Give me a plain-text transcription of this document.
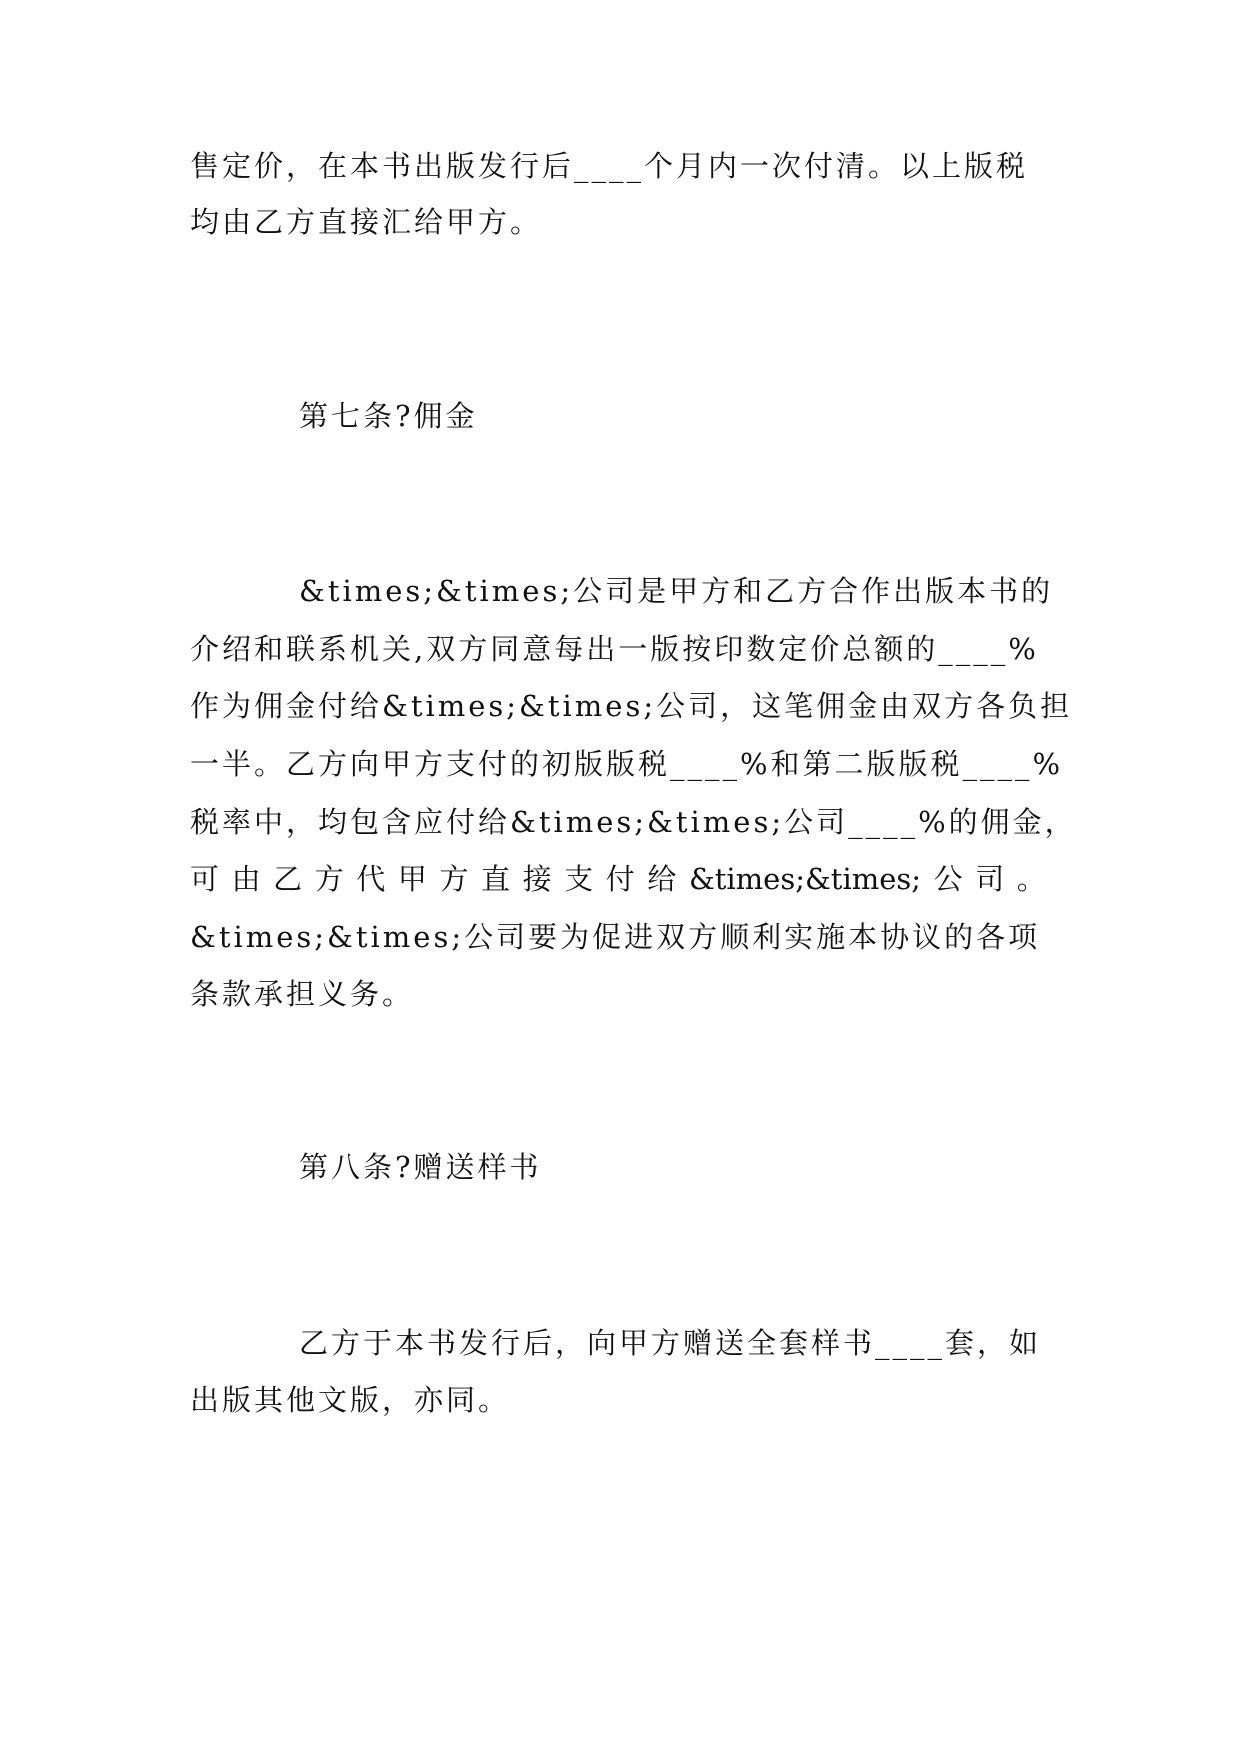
售定价，在本书出版发行后____个月内一次付清。以上版税
均由乙方直接汇给甲方。
第七条?佣金
&times;&times;公司是甲方和乙方合作出版本书的
介绍和联系机关,双方同意每出一版按印数定价总额的____%
作为佣金付给&times;&times;公司，这笔佣金由双方各负担
一半。乙方向甲方支付的初版版税____%和第二版版税____%
税率中，均包含应付给&times;&times;公司____%的佣金，
可 由 乙 方 代 甲 方 直 接 支 付 给 &times;&times; 公 司 。
&times;&times;公司要为促进双方顺利实施本协议的各项
条款承担义务。
第八条?赠送样书
乙方于本书发行后，向甲方赠送全套样书____套，如
出版其他文版，亦同。
